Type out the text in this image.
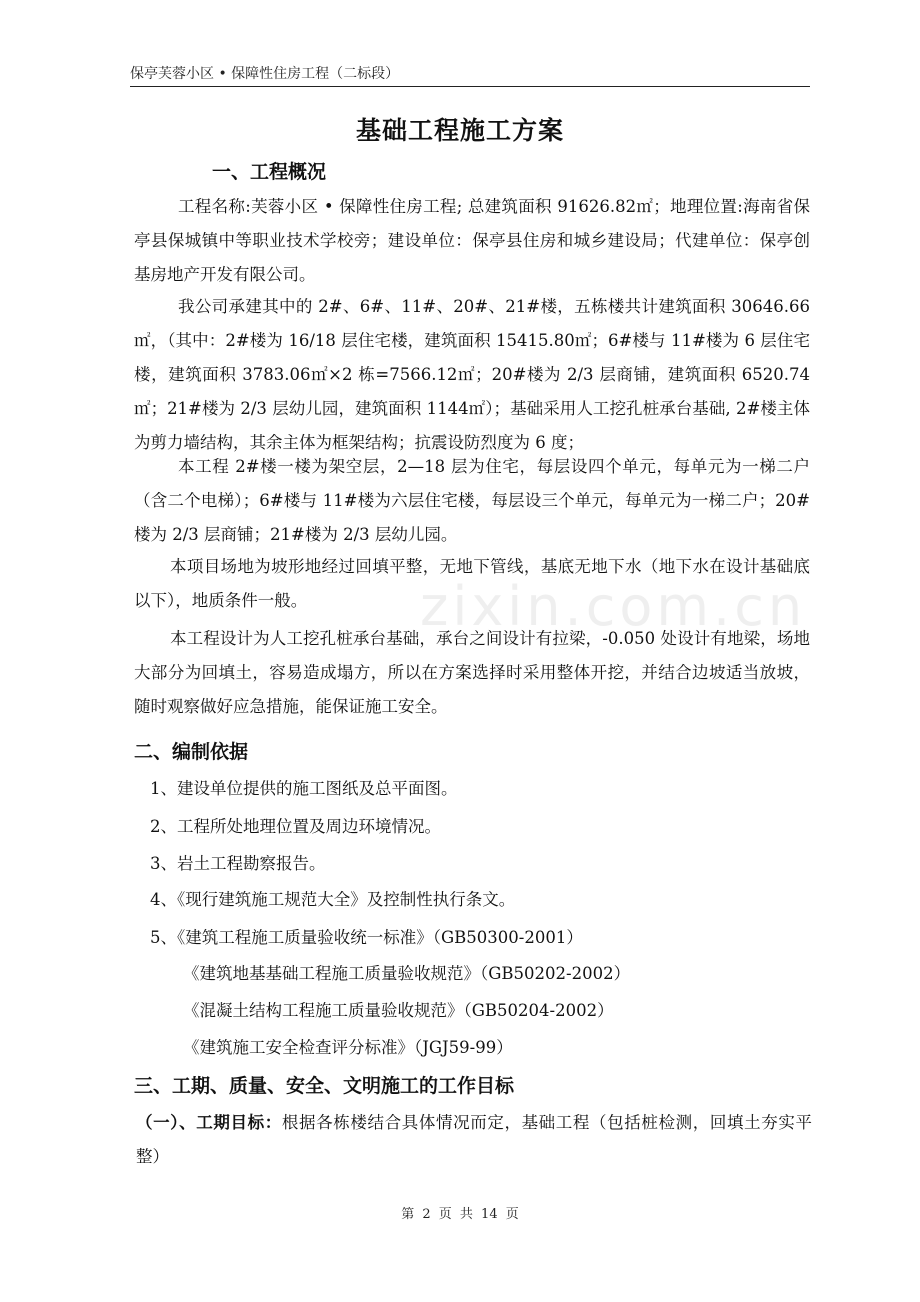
保亭芙蓉小区 • 保障性住房工程（二标段）
zixin.com.cn
基础工程施工方案
一、工程概况

工程名称:芙蓉小区 • 保障性住房工程; 总建筑面积 91626.82㎡；地理位置:海南省保亭县保城镇中等职业技术学校旁；建设单位：保亭县住房和城乡建设局；代建单位：保亭创基房地产开发有限公司。

我公司承建其中的 2#、6#、11#、20#、21#楼，五栋楼共计建筑面积 30646.66㎡，（其中：2#楼为 16/18 层住宅楼，建筑面积 15415.80㎡；6#楼与 11#楼为 6 层住宅楼，建筑面积 3783.06㎡×2 栋=7566.12㎡；20#楼为 2/3 层商铺，建筑面积 6520.74㎡；21#楼为 2/3 层幼儿园，建筑面积 1144㎡）；基础采用人工挖孔桩承台基础, 2#楼主体为剪力墙结构，其余主体为框架结构；抗震设防烈度为 6 度；

本工程 2#楼一楼为架空层，2—18 层为住宅，每层设四个单元，每单元为一梯二户（含二个电梯）；6#楼与 11#楼为六层住宅楼，每层设三个单元，每单元为一梯二户；20#楼为 2/3 层商铺；21#楼为 2/3 层幼儿园。

本项目场地为坡形地经过回填平整，无地下管线，基底无地下水（地下水在设计基础底以下），地质条件一般。

本工程设计为人工挖孔桩承台基础，承台之间设计有拉梁，-0.050 处设计有地梁，场地大部分为回填土，容易造成塌方，所以在方案选择时采用整体开挖，并结合边坡适当放坡，随时观察做好应急措施，能保证施工安全。

二、编制依据
1、建设单位提供的施工图纸及总平面图。
2、工程所处地理位置及周边环境情况。
3、岩土工程勘察报告。
4、《现行建筑施工规范大全》及控制性执行条文。
5、《建筑工程施工质量验收统一标准》（GB50300-2001）
《建筑地基基础工程施工质量验收规范》（GB50202-2002）
《混凝土结构工程施工质量验收规范》（GB50204-2002）
《建筑施工安全检查评分标准》（JGJ59-99）
三、工期、质量、安全、文明施工的工作目标

（一）、工期目标：根据各栋楼结合具体情况而定，基础工程（包括桩检测，回填土夯实平整）

第 2 页 共 14 页
